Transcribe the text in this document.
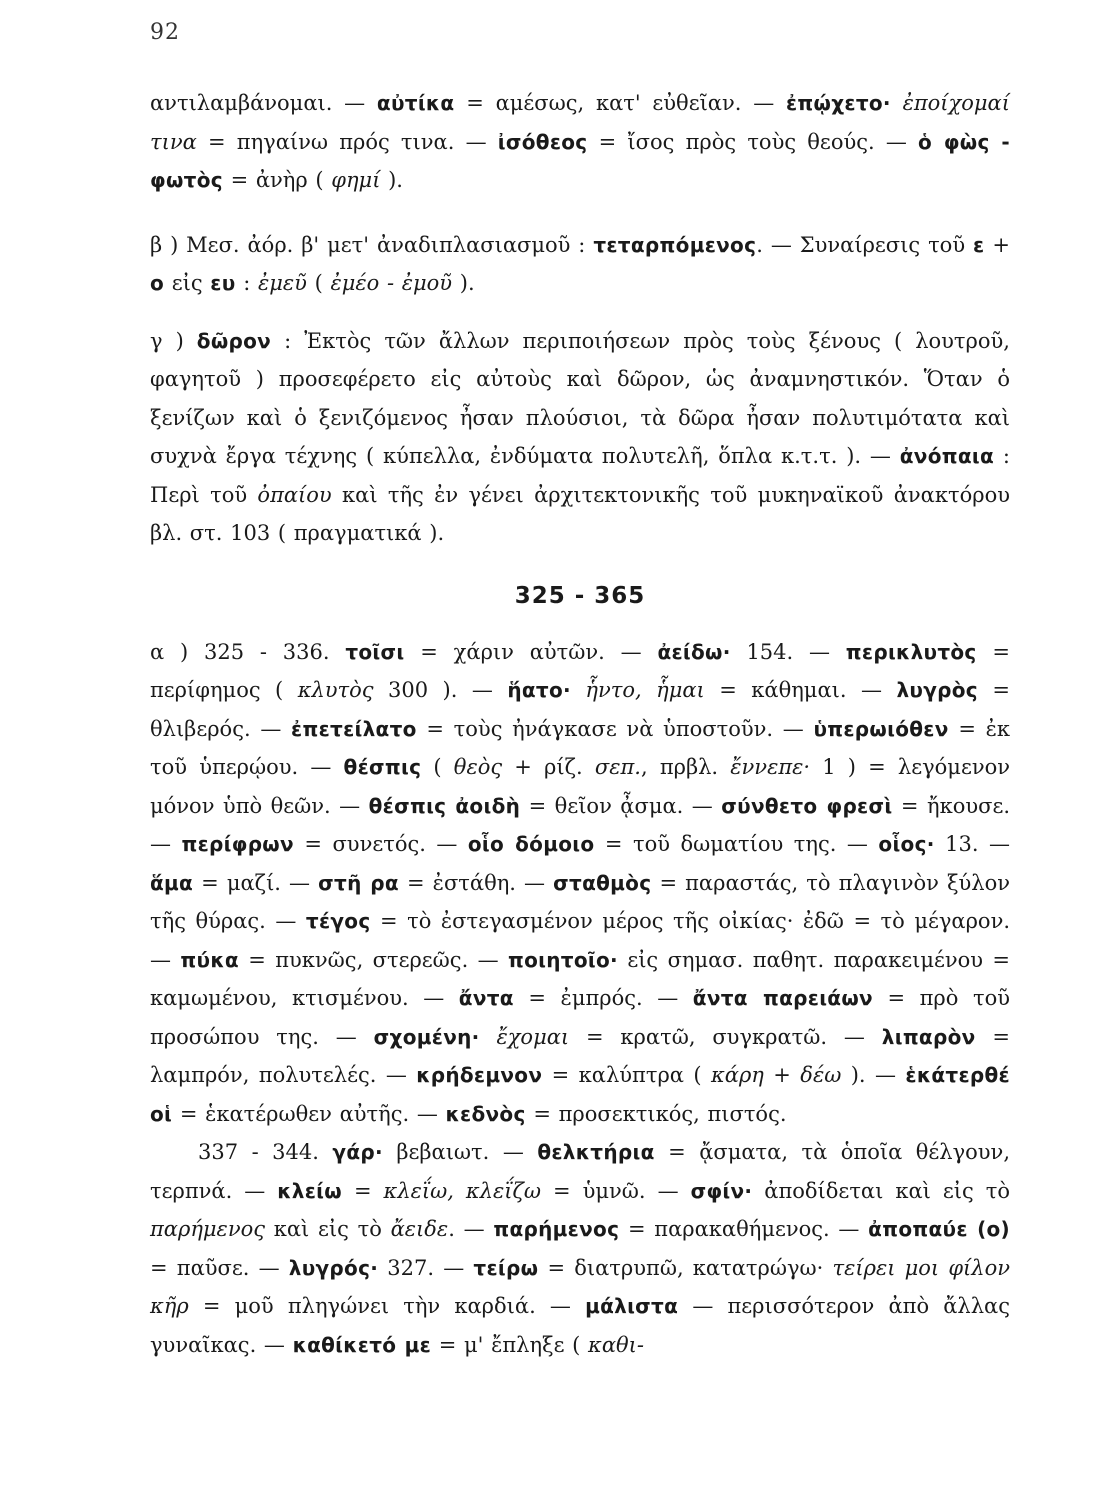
92

αντιλαμβάνομαι. — αὐτίκα = αμέσως, κατ' εὐθεῖαν. — ἐπῴχετο· ἐποίχομαί τινα = πηγαίνω πρός τινα. — ἰσόθεος = ἴσος πρὸς τοὺς θεούς. — ὁ φὼς - φωτὸς = ἀνὴρ ( φημί ).

β ) Μεσ. ἀόρ. β' μετ' ἀναδιπλασιασμοῦ : τεταρπόμενος. — Συναίρεσις τοῦ ε + ο εἰς ευ : ἐμεῦ ( ἐμέο - ἐμοῦ ).

γ ) δῶρον : Ἐκτὸς τῶν ἄλλων περιποιήσεων πρὸς τοὺς ξένους ( λουτροῦ, φαγητοῦ ) προσεφέρετο εἰς αὐτοὺς καὶ δῶρον, ὡς ἀναμνηστικόν. Ὅταν ὁ ξενίζων καὶ ὁ ξενιζόμενος ἦσαν πλούσιοι, τὰ δῶρα ἦσαν πολυτιμότατα καὶ συχνὰ ἔργα τέχνης ( κύπελλα, ἐνδύματα πολυτελῆ, ὅπλα κ.τ.τ. ). — ἀνόπαια : Περὶ τοῦ ὀπαίου καὶ τῆς ἐν γένει ἀρχιτεκτονικῆς τοῦ μυκηναϊκοῦ ἀνακτόρου βλ. στ. 103 ( πραγματικά ).

325 - 365

α ) 325 - 336. τοῖσι = χάριν αὐτῶν. — ἀείδω· 154. — περικλυτὸς = περίφημος ( κλυτὸς 300 ). — ἥατο· ἧντο, ἧμαι = κάθημαι. — λυγρὸς = θλιβερός. — ἐπετείλατο = τοὺς ἠνάγκασε νὰ ὑποστοῦν. — ὑπερωιόθεν = ἐκ τοῦ ὑπερῴου. — θέσπις ( θεὸς + ρίζ. σεπ., πρβλ. ἔννεπε· 1 ) = λεγόμενον μόνον ὑπὸ θεῶν. — θέσπις ἀοιδὴ = θεῖον ᾆσμα. — σύνθετο φρεσὶ = ἤκουσε. — περίφρων = συνετός. — οἷο δόμοιο = τοῦ δωματίου της. — οἷος· 13. — ἅμα = μαζί. — στῆ ρα = ἐστάθη. — σταθμὸς = παραστάς, τὸ πλαγινὸν ξύλον τῆς θύρας. — τέγος = τὸ ἐστεγασμένον μέρος τῆς οἰκίας· ἐδῶ = τὸ μέγαρον. — πύκα = πυκνῶς, στερεῶς. — ποιητοῖο· εἰς σημασ. παθητ. παρακειμένου = καμωμένου, κτισμένου. — ἄντα = ἐμπρός. — ἄντα παρειάων = πρὸ τοῦ προσώπου της. — σχομένη· ἔχομαι = κρατῶ, συγκρατῶ. — λιπαρὸν = λαμπρόν, πολυτελές. — κρήδεμνον = καλύπτρα ( κάρη + δέω ). — ἑκάτερθέ οἱ = ἑκατέρωθεν αὐτῆς. — κεδνὸς = προσεκτικός, πιστός.

337 - 344. γάρ· βεβαιωτ. — θελκτήρια = ᾄσματα, τὰ ὁποῖα θέλγουν, τερπνά. — κλείω = κλεΐω, κλεΐζω = ὑμνῶ. — σφίν· ἀποδίδεται καὶ εἰς τὸ παρήμενος καὶ εἰς τὸ ἄειδε. — παρήμενος = παρακαθήμενος. — ἀποπαύε (ο) = παῦσε. — λυγρός· 327. — τείρω = διατρυπῶ, κατατρώγω· τείρει μοι φίλον κῆρ = μοῦ πληγώνει τὴν καρδιά. — μάλιστα — περισσότερον ἀπὸ ἄλλας γυναῖκας. — καθίκετό με = μ' ἔπληξε ( καθι-
